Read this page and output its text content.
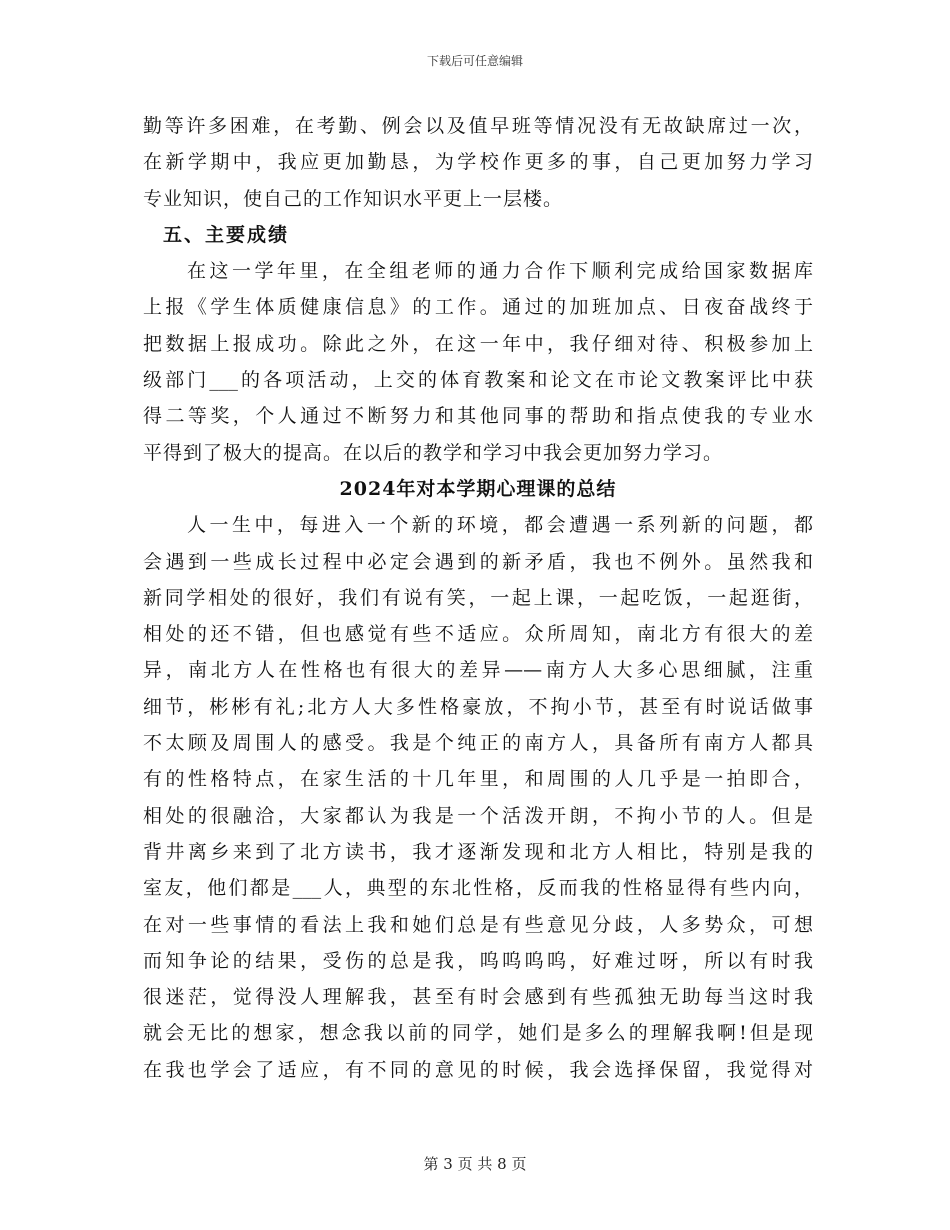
下载后可任意编辑
勤等许多困难，在考勤、例会以及值早班等情况没有无故缺席过一次，
在新学期中，我应更加勤恳，为学校作更多的事，自己更加努力学习
专业知识，使自己的工作知识水平更上一层楼。
五、主要成绩
在这一学年里，在全组老师的通力合作下顺利完成给国家数据库
上报《学生体质健康信息》的工作。通过的加班加点、日夜奋战终于
把数据上报成功。除此之外，在这一年中，我仔细对待、积极参加上
级部门___的各项活动，上交的体育教案和论文在市论文教案评比中获
得二等奖，个人通过不断努力和其他同事的帮助和指点使我的专业水
平得到了极大的提高。在以后的教学和学习中我会更加努力学习。
2024年对本学期心理课的总结
人一生中，每进入一个新的环境，都会遭遇一系列新的问题，都
会遇到一些成长过程中必定会遇到的新矛盾，我也不例外。虽然我和
新同学相处的很好，我们有说有笑，一起上课，一起吃饭，一起逛街，
相处的还不错，但也感觉有些不适应。众所周知，南北方有很大的差
异，南北方人在性格也有很大的差异——南方人大多心思细腻，注重
细节，彬彬有礼;北方人大多性格豪放，不拘小节，甚至有时说话做事
不太顾及周围人的感受。我是个纯正的南方人，具备所有南方人都具
有的性格特点，在家生活的十几年里，和周围的人几乎是一拍即合，
相处的很融洽，大家都认为我是一个活泼开朗，不拘小节的人。但是
背井离乡来到了北方读书，我才逐渐发现和北方人相比，特别是我的
室友，他们都是___人，典型的东北性格，反而我的性格显得有些内向，
在对一些事情的看法上我和她们总是有些意见分歧，人多势众，可想
而知争论的结果，受伤的总是我，呜呜呜呜，好难过呀，所以有时我
很迷茫，觉得没人理解我，甚至有时会感到有些孤独无助每当这时我
就会无比的想家，想念我以前的同学，她们是多么的理解我啊!但是现
在我也学会了适应，有不同的意见的时候，我会选择保留，我觉得对
第 3 页 共 8 页
